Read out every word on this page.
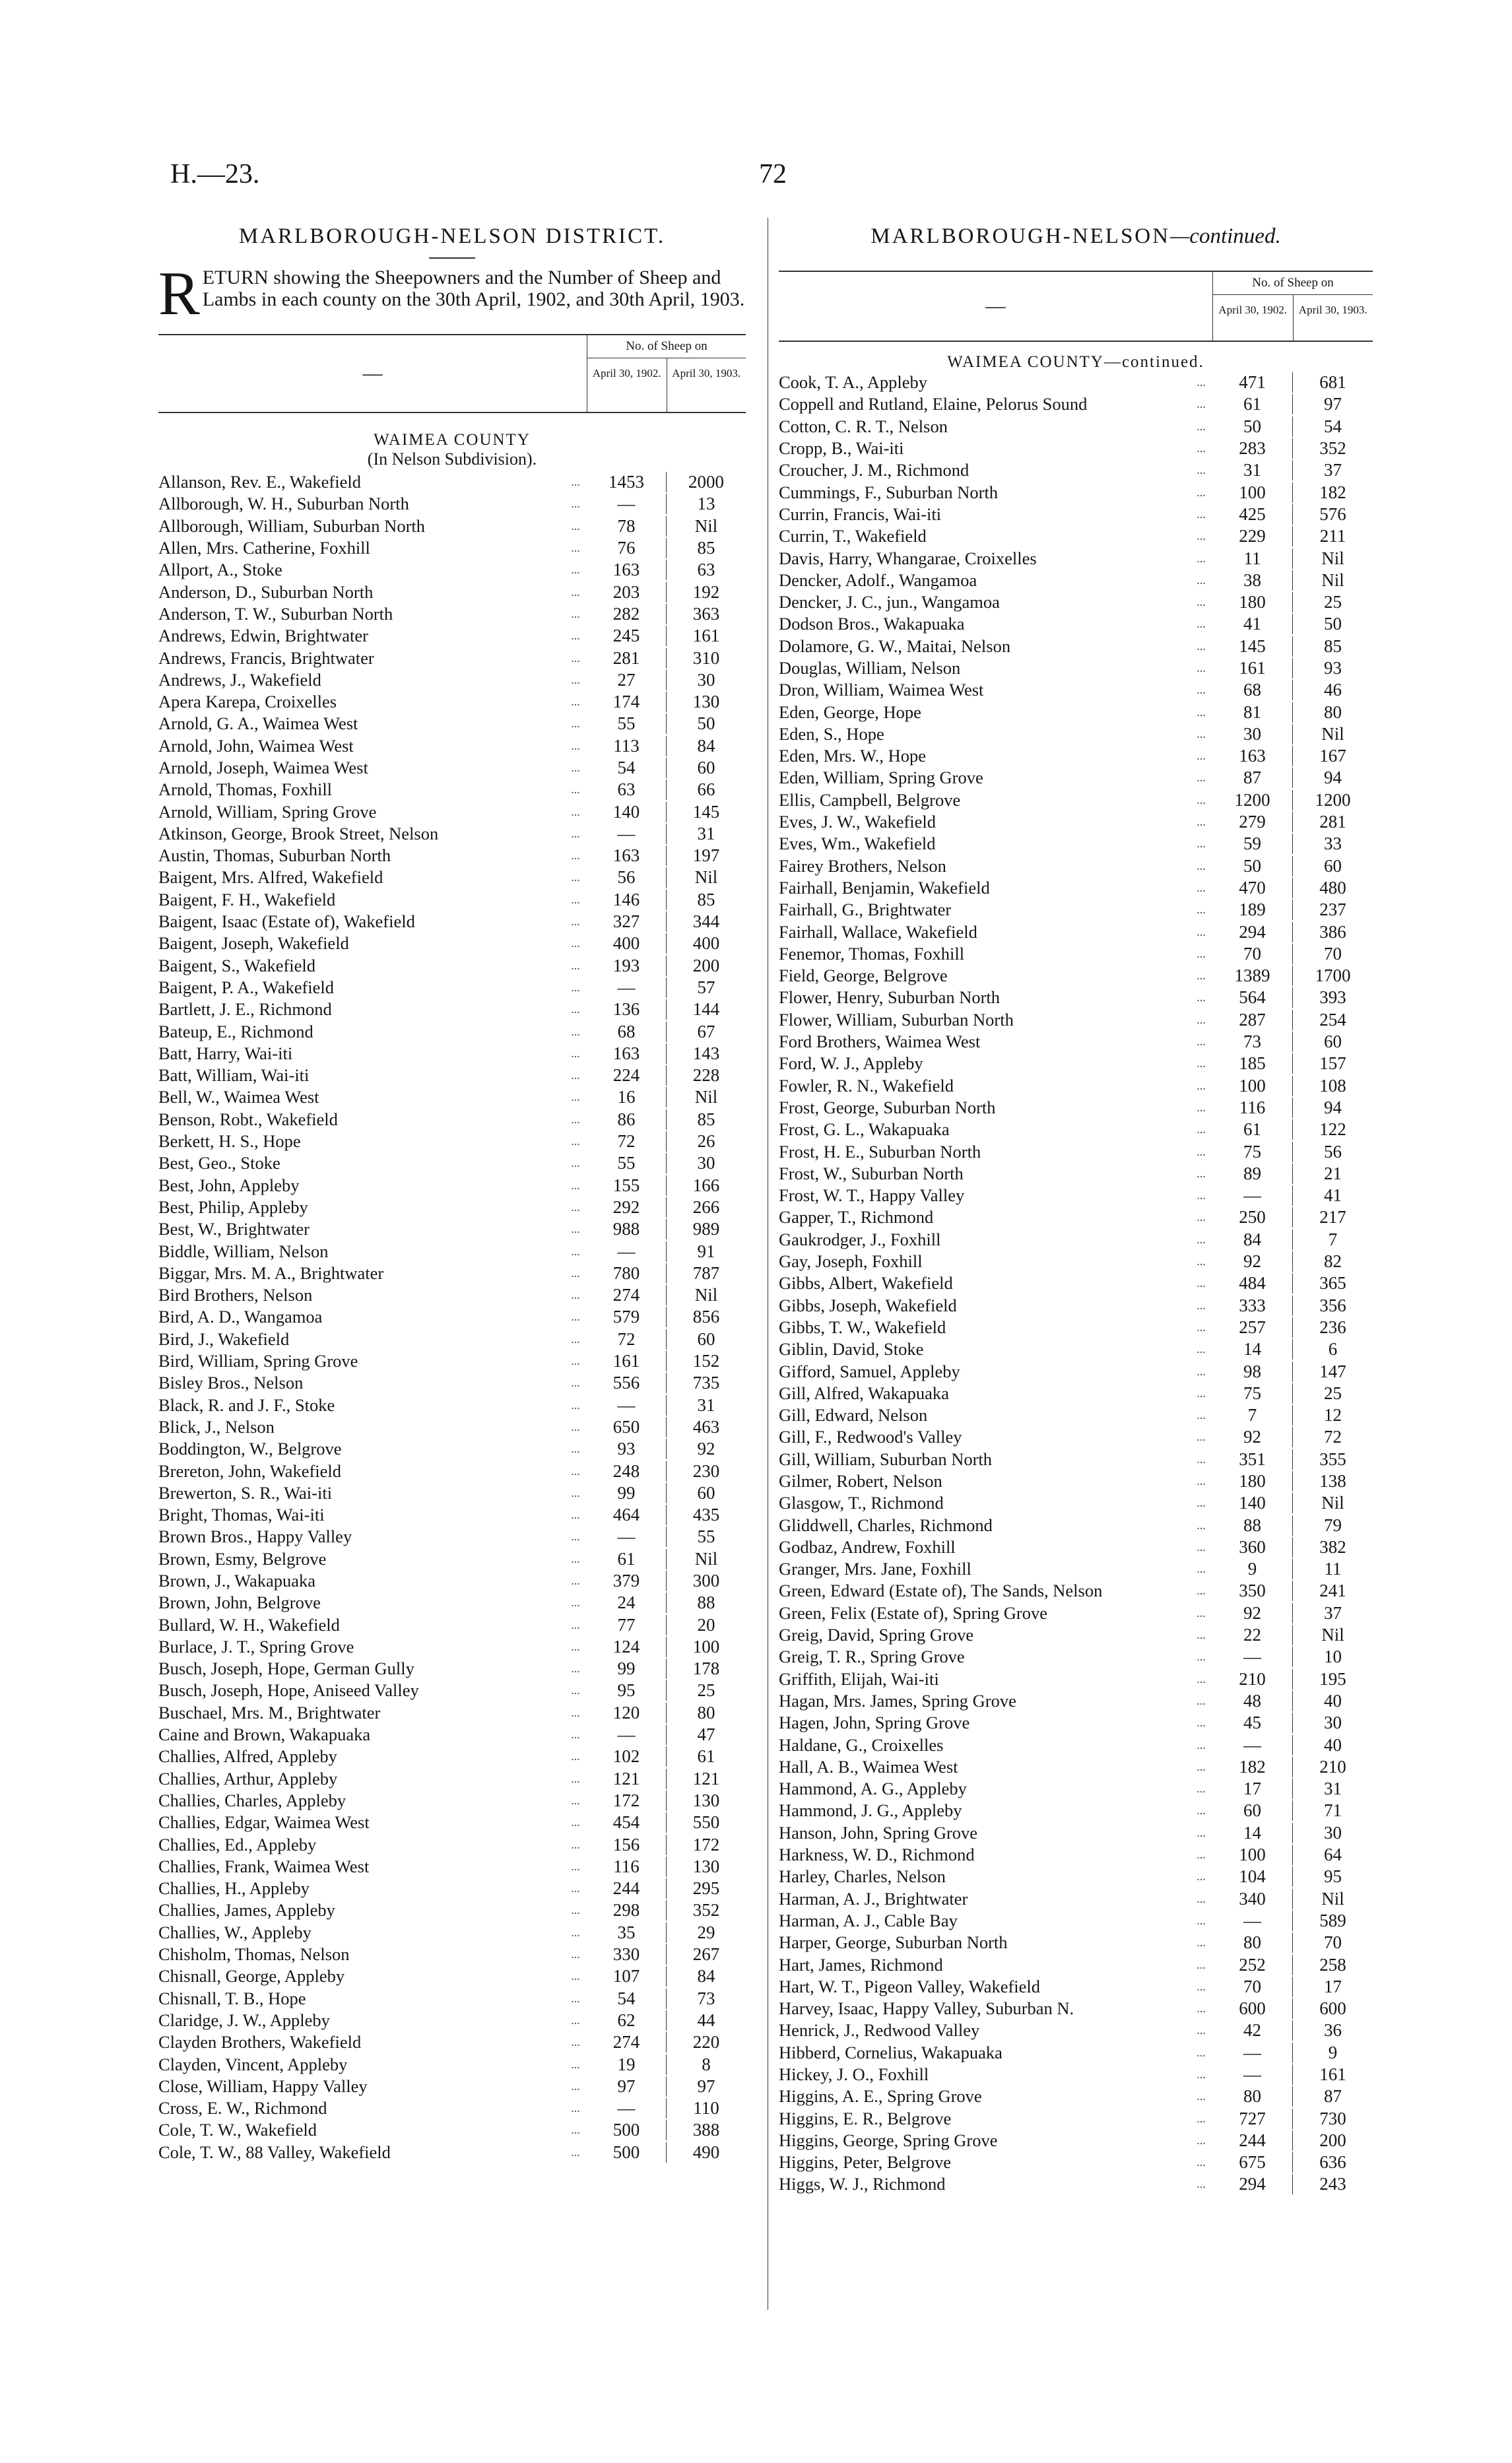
H.—23.	72
MARLBOROUGH-NELSON DISTRICT.
R ETURN showing the Sheepowners and the Number of Sheep and Lambs in each county on the 30th April, 1902, and 30th April, 1903.
—
No. of Sheep on
April 30, 1902. April 30, 1903.
WAIMEA COUNTY
(In Nelson Subdivision).
Allanson, Rev. E., Wakefield	...	1453	2000
Allborough, W. H., Suburban North	...	—	13
Allborough, William, Suburban North	...	78	Nil
Allen, Mrs. Catherine, Foxhill	...	76	85
Allport, A., Stoke	...	163	63
Anderson, D., Suburban North	...	203	192
Anderson, T. W., Suburban North	...	282	363
Andrews, Edwin, Brightwater	...	245	161
Andrews, Francis, Brightwater	...	281	310
Andrews, J., Wakefield	...	27	30
Apera Karepa, Croixelles	...	174	130
Arnold, G. A., Waimea West	...	55	50
Arnold, John, Waimea West	...	113	84
Arnold, Joseph, Waimea West	...	54	60
Arnold, Thomas, Foxhill	...	63	66
Arnold, William, Spring Grove	...	140	145
Atkinson, George, Brook Street, Nelson	...	—	31
Austin, Thomas, Suburban North	...	163	197
Baigent, Mrs. Alfred, Wakefield	...	56	Nil
Baigent, F. H., Wakefield	...	146	85
Baigent, Isaac (Estate of), Wakefield	...	327	344
Baigent, Joseph, Wakefield	...	400	400
Baigent, S., Wakefield	...	193	200
Baigent, P. A., Wakefield	...	—	57
Bartlett, J. E., Richmond	...	136	144
Bateup, E., Richmond	...	68	67
Batt, Harry, Wai-iti	...	163	143
Batt, William, Wai-iti	...	224	228
Bell, W., Waimea West	...	16	Nil
Benson, Robt., Wakefield	...	86	85
Berkett, H. S., Hope	...	72	26
Best, Geo., Stoke	...	55	30
Best, John, Appleby	...	155	166
Best, Philip, Appleby	...	292	266
Best, W., Brightwater	...	988	989
Biddle, William, Nelson	...	—	91
Biggar, Mrs. M. A., Brightwater	...	780	787
Bird Brothers, Nelson	...	274	Nil
Bird, A. D., Wangamoa	...	579	856
Bird, J., Wakefield	...	72	60
Bird, William, Spring Grove	...	161	152
Bisley Bros., Nelson	...	556	735
Black, R. and J. F., Stoke	...	—	31
Blick, J., Nelson	...	650	463
Boddington, W., Belgrove	...	93	92
Brereton, John, Wakefield	...	248	230
Brewerton, S. R., Wai-iti	...	99	60
Bright, Thomas, Wai-iti	...	464	435
Brown Bros., Happy Valley	...	—	55
Brown, Esmy, Belgrove	...	61	Nil
Brown, J., Wakapuaka	...	379	300
Brown, John, Belgrove	...	24	88
Bullard, W. H., Wakefield	...	77	20
Burlace, J. T., Spring Grove	...	124	100
Busch, Joseph, Hope, German Gully	...	99	178
Busch, Joseph, Hope, Aniseed Valley	...	95	25
Buschael, Mrs. M., Brightwater	...	120	80
Caine and Brown, Wakapuaka	...	—	47
Challies, Alfred, Appleby	...	102	61
Challies, Arthur, Appleby	...	121	121
Challies, Charles, Appleby	...	172	130
Challies, Edgar, Waimea West	...	454	550
Challies, Ed., Appleby	...	156	172
Challies, Frank, Waimea West	...	116	130
Challies, H., Appleby	...	244	295
Challies, James, Appleby	...	298	352
Challies, W., Appleby	...	35	29
Chisholm, Thomas, Nelson	...	330	267
Chisnall, George, Appleby	...	107	84
Chisnall, T. B., Hope	...	54	73
Claridge, J. W., Appleby	...	62	44
Clayden Brothers, Wakefield	...	274	220
Clayden, Vincent, Appleby	...	19	8
Close, William, Happy Valley	...	97	97
Cross, E. W., Richmond	...	—	110
Cole, T. W., Wakefield	...	500	388
Cole, T. W., 88 Valley, Wakefield	...	500	490
MARLBOROUGH-NELSON—continued.
—
No. of Sheep on
April 30, 1902.	April 30, 1903.
WAIMEA COUNTY—continued.
Cook, T. A., Appleby	...	471	681
Coppell and Rutland, Elaine, Pelorus Sound	...	61	97
Cotton, C. R. T., Nelson	...	50	54
Cropp, B., Wai-iti	...	283	352
Croucher, J. M., Richmond	...	31	37
Cummings, F., Suburban North	...	100	182
Currin, Francis, Wai-iti	...	425	576
Currin, T., Wakefield	...	229	211
Davis, Harry, Whangarae, Croixelles	...	11	Nil
Dencker, Adolf., Wangamoa	...	38	Nil
Dencker, J. C., jun., Wangamoa	...	180	25
Dodson Bros., Wakapuaka	...	41	50
Dolamore, G. W., Maitai, Nelson	...	145	85
Douglas, William, Nelson	...	161	93
Dron, William, Waimea West	...	68	46
Eden, George, Hope	...	81	80
Eden, S., Hope	...	30	Nil
Eden, Mrs. W., Hope	...	163	167
Eden, William, Spring Grove	...	87	94
Ellis, Campbell, Belgrove	...	1200	1200
Eves, J. W., Wakefield	...	279	281
Eves, Wm., Wakefield	...	59	33
Fairey Brothers, Nelson	...	50	60
Fairhall, Benjamin, Wakefield	...	470	480
Fairhall, G., Brightwater	...	189	237
Fairhall, Wallace, Wakefield	...	294	386
Fenemor, Thomas, Foxhill	...	70	70
Field, George, Belgrove	...	1389	1700
Flower, Henry, Suburban North	...	564	393
Flower, William, Suburban North	...	287	254
Ford Brothers, Waimea West	...	73	60
Ford, W. J., Appleby	...	185	157
Fowler, R. N., Wakefield	...	100	108
Frost, George, Suburban North	...	116	94
Frost, G. L., Wakapuaka	...	61	122
Frost, H. E., Suburban North	...	75	56
Frost, W., Suburban North	...	89	21
Frost, W. T., Happy Valley	...	—	41
Gapper, T., Richmond	...	250	217
Gaukrodger, J., Foxhill	...	84	7
Gay, Joseph, Foxhill	...	92	82
Gibbs, Albert, Wakefield	...	484	365
Gibbs, Joseph, Wakefield	...	333	356
Gibbs, T. W., Wakefield	...	257	236
Giblin, David, Stoke	...	14	6
Gifford, Samuel, Appleby	...	98	147
Gill, Alfred, Wakapuaka	...	75	25
Gill, Edward, Nelson	...	7	12
Gill, F., Redwood's Valley	...	92	72
Gill, William, Suburban North	...	351	355
Gilmer, Robert, Nelson	...	180	138
Glasgow, T., Richmond	...	140	Nil
Gliddwell, Charles, Richmond	...	88	79
Godbaz, Andrew, Foxhill	...	360	382
Granger, Mrs. Jane, Foxhill	...	9	11
Green, Edward (Estate of), The Sands, Nelson	...	350	241
Green, Felix (Estate of), Spring Grove	...	92	37
Greig, David, Spring Grove	...	22	Nil
Greig, T. R., Spring Grove	...	—	10
Griffith, Elijah, Wai-iti	...	210	195
Hagan, Mrs. James, Spring Grove	...	48	40
Hagen, John, Spring Grove	...	45	30
Haldane, G., Croixelles	...	—	40
Hall, A. B., Waimea West	...	182	210
Hammond, A. G., Appleby	...	17	31
Hammond, J. G., Appleby	...	60	71
Hanson, John, Spring Grove	...	14	30
Harkness, W. D., Richmond	...	100	64
Harley, Charles, Nelson	...	104	95
Harman, A. J., Brightwater	...	340	Nil
Harman, A. J., Cable Bay	...	—	589
Harper, George, Suburban North	...	80	70
Hart, James, Richmond	...	252	258
Hart, W. T., Pigeon Valley, Wakefield	...	70	17
Harvey, Isaac, Happy Valley, Suburban N.	...	600	600
Henrick, J., Redwood Valley	...	42	36
Hibberd, Cornelius, Wakapuaka	...	—	9
Hickey, J. O., Foxhill	...	—	161
Higgins, A. E., Spring Grove	...	80	87
Higgins, E. R., Belgrove	...	727	730
Higgins, George, Spring Grove	...	244	200
Higgins, Peter, Belgrove	...	675	636
Higgs, W. J., Richmond	...	294	243
